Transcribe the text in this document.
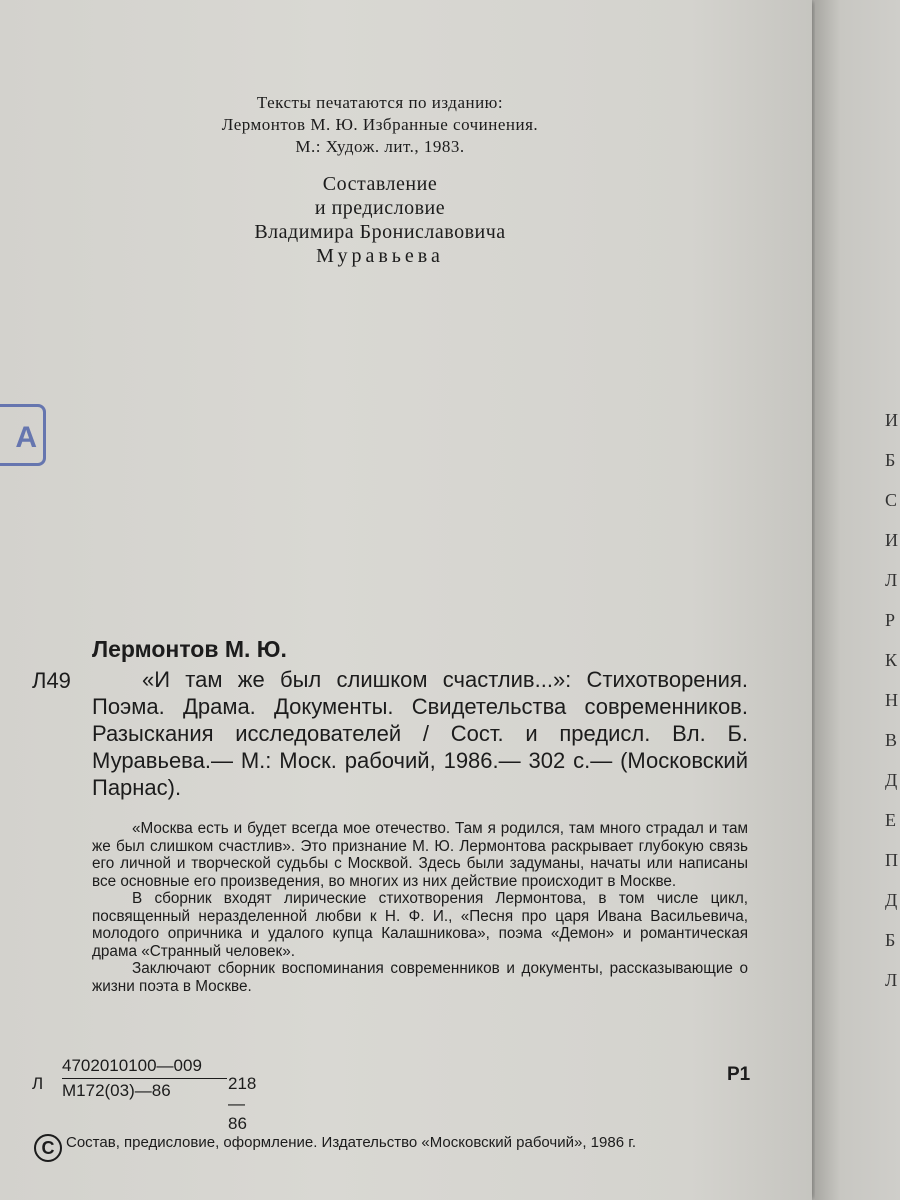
А
Тексты печатаются по изданию:
Лермонтов М. Ю. Избранные сочинения.
М.: Худож. лит., 1983.
Составление
и предисловие
Владимира Брониславовича
Муравьева
Лермонтов М. Ю.
Л49	«И там же был слишком счастлив...»: Стихотворения. Поэма. Драма. Документы. Свидетельства современников. Разыскания исследователей / Сост. и предисл. Вл. Б. Муравьева.— М.: Моск. рабочий, 1986.— 302 с.— (Московский Парнас).

«Москва есть и будет всегда мое отечество. Там я родился, там много страдал и там же был слишком счастлив». Это признание М. Ю. Лермонтова раскрывает глубокую связь его личной и творческой судьбы с Москвой. Здесь были задуманы, начаты или написаны все основные его произведения, во многих из них действие происходит в Москве.

В сборник входят лирические стихотворения Лермонтова, в том числе цикл, посвященный неразделенной любви к Н. Ф. И., «Песня про царя Ивана Васильевича, молодого опричника и удалого купца Калашникова», поэма «Демон» и романтическая драма «Странный человек».

Заключают сборник воспоминания современников и документы, рассказывающие о жизни поэта в Москве.

Л
4702010100—009
М172(03)—86	218—86
Р1
C Состав, предисловие, оформление. Издательство «Московский рабочий», 1986 г.
И
Б
С
И
Л
Р
К
Н
В
Д
Е
П
Д
Б
Л
